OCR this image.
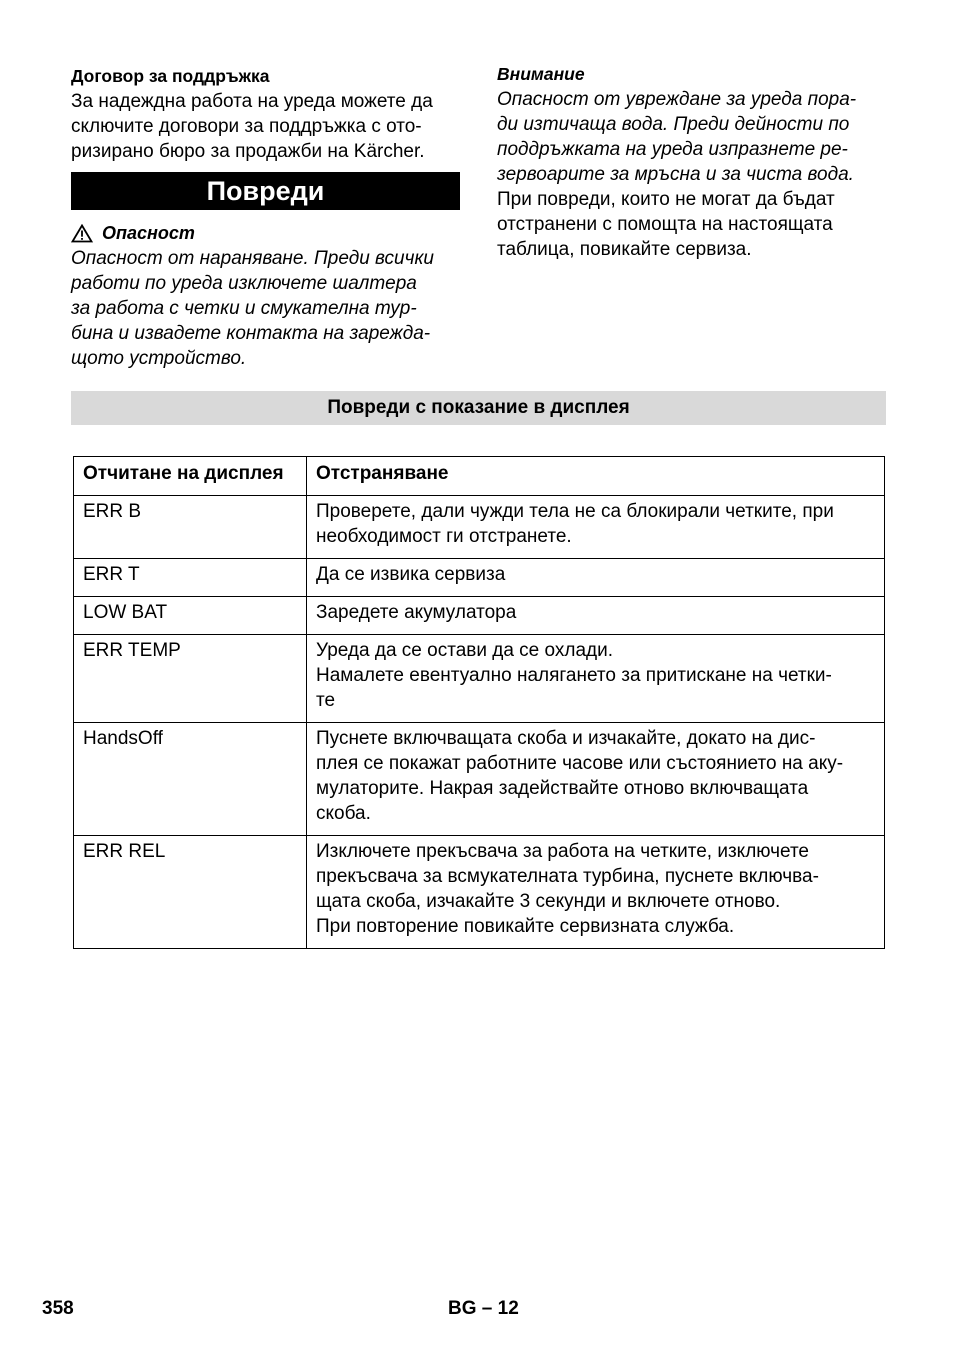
Договор за поддръжка

За надеждна работа на уреда можете да
сключите договори за поддръжка с ото-
ризирано бюро за продажби на Kärcher.

Повреди
Опасност

Опасност от нараняване. Преди всички
работи по уреда изключете шалтера
за работа с четки и смукателна тур-
бина и извадете контакта на зарежда-
щото устройство.

Внимание

Опасност от увреждане за уреда пора-
ди изтичаща вода. Преди дейности по
поддръжката на уреда изпразнете ре-
зервоарите за мръсна и за чиста вода.

При повреди, които не могат да бъдат
отстранени с помощта на настоящата
таблица, повикайте сервиза.

Повреди с показание в дисплея
Отчитане на дисплея	Отстраняване
ERR B	Проверете, дали чужди тела не са блокирали четките, при
необходимост ги отстранете.

ERR T	Да се извика сервиза

LOW BAT	Заредете акумулатора

ERR TEMP	Уреда да се остави да се охлади.
Намалете евентуално налягането за притискане на четки-
те

HandsOff	Пуснете включващата скоба и изчакайте, докато на дис-
плея се покажат работните часове или състоянието на аку-
мулаторите. Накрая задействайте отново включващата
скоба.

ERR REL	Изключете прекъсвача за работа на четките, изключете
прекъсвача за всмукателната турбина, пуснете включва-
щата скоба, изчакайте 3 секунди и включете отново.
При повторение повикайте сервизната служба.
358	BG – 12
